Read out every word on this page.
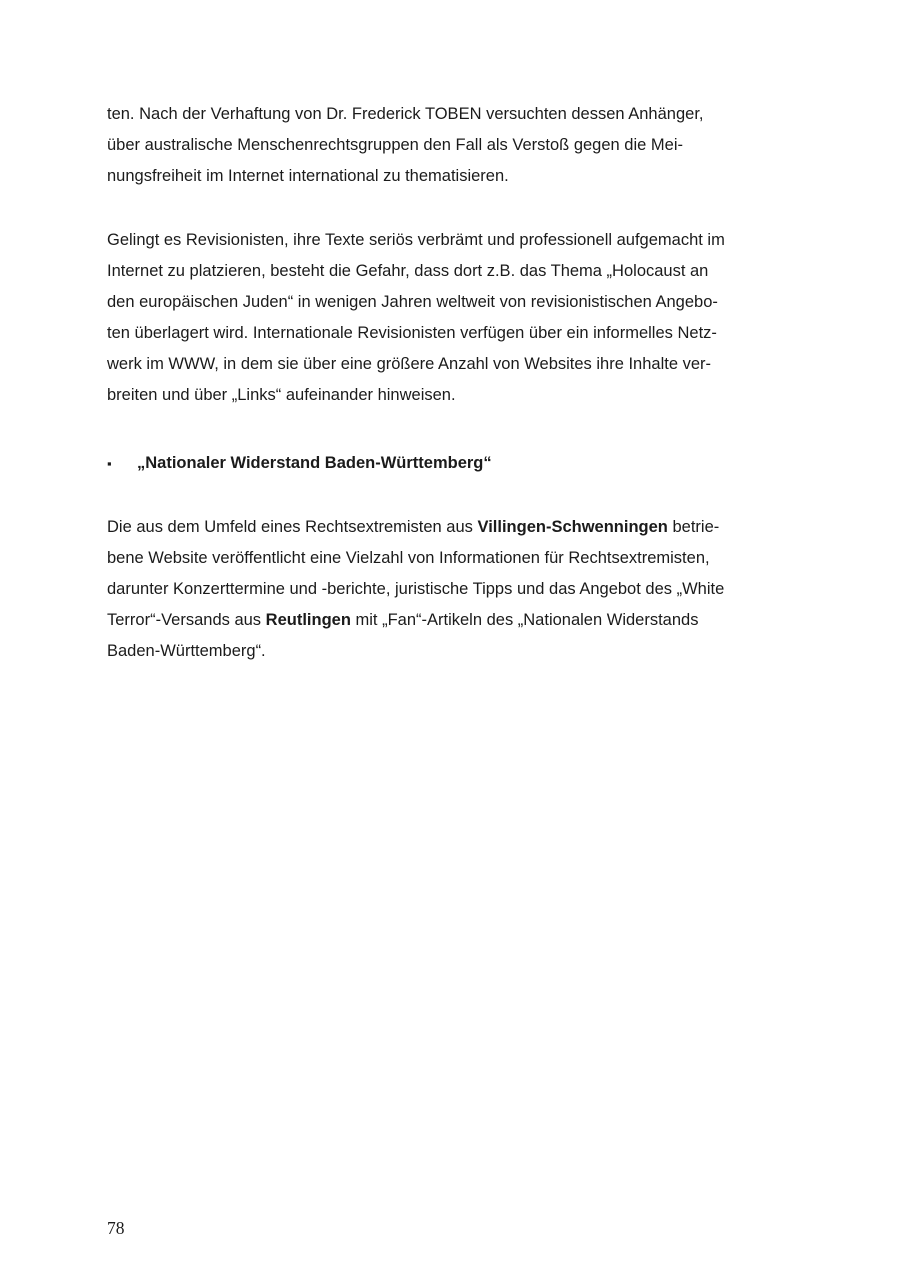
ten. Nach der Verhaftung von Dr. Frederick TOBEN versuchten dessen Anhänger,
über australische Menschenrechtsgruppen den Fall als Verstoß gegen die Mei-
nungsfreiheit im Internet international zu thematisieren.
Gelingt es Revisionisten, ihre Texte seriös verbrämt und professionell aufgemacht im
Internet zu platzieren, besteht die Gefahr, dass dort z.B. das Thema „Holocaust an
den europäischen Juden“ in wenigen Jahren weltweit von revisionistischen Angebo-
ten überlagert wird. Internationale Revisionisten verfügen über ein informelles Netz-
werk im WWW, in dem sie über eine größere Anzahl von Websites ihre Inhalte ver-
breiten und über „Links“ aufeinander hinweisen.
▪	„Nationaler Widerstand Baden-Württemberg“
Die aus dem Umfeld eines Rechtsextremisten aus Villingen-Schwenningen betrie-
bene Website veröffentlicht eine Vielzahl von Informationen für Rechtsextremisten,
darunter Konzerttermine und -berichte, juristische Tipps und das Angebot des „White
Terror“-Versands aus Reutlingen mit „Fan“-Artikeln des „Nationalen Widerstands
Baden-Württemberg“.
78
